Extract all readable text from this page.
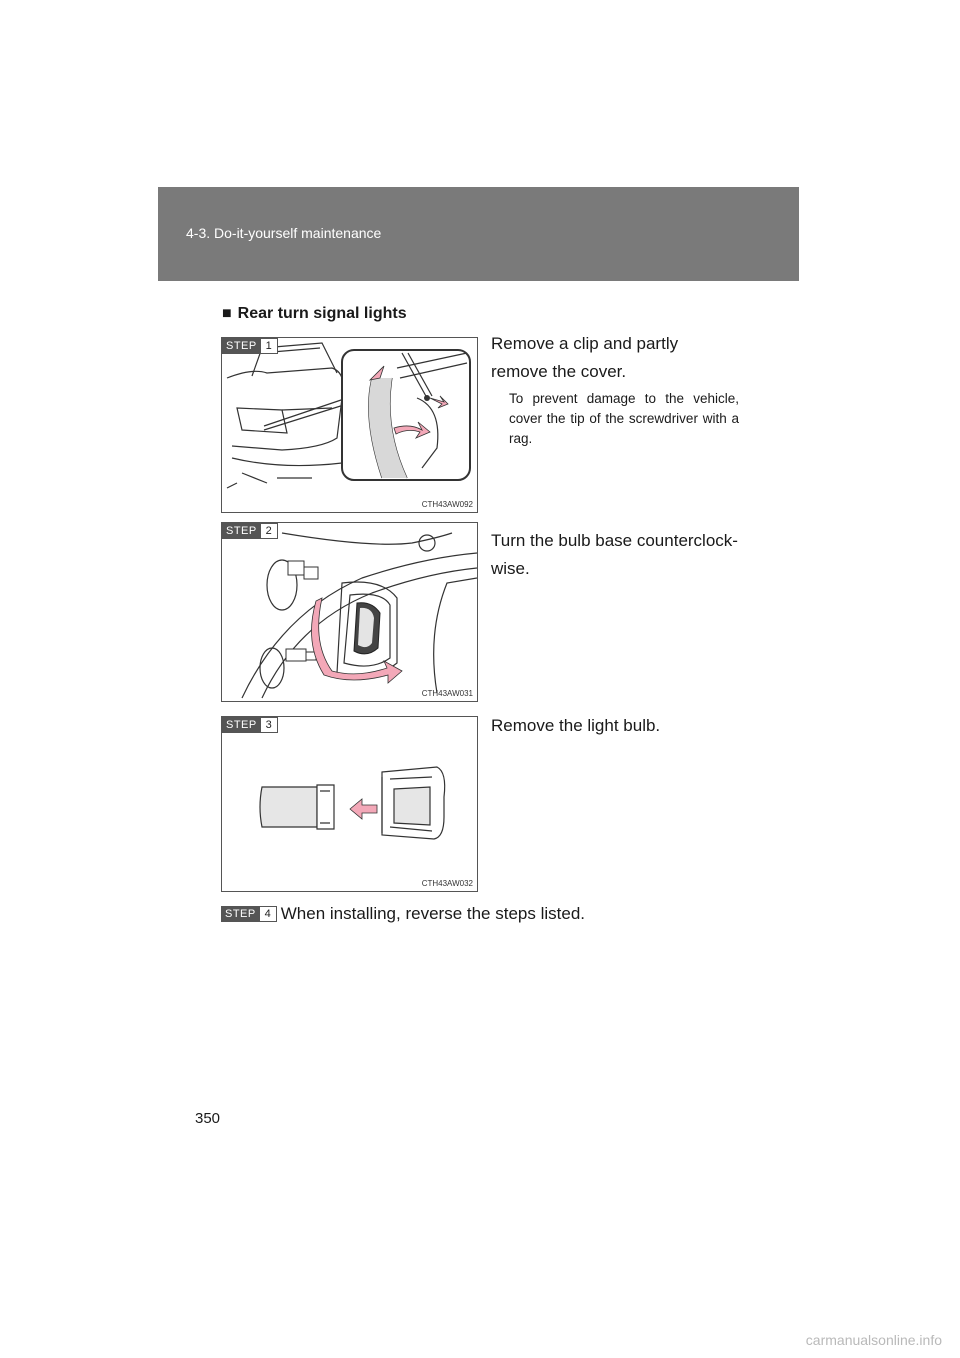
4-3. Do-it-yourself maintenance
■ Rear turn signal lights
STEP 1
CTH43AW092
Remove a clip and partly remove the cover.
To prevent damage to the vehicle, cover the tip of the screwdriver with a rag.
STEP 2
CTH43AW031
Turn the bulb base counterclock-wise.
STEP 3
CTH43AW032
Remove the light bulb.
STEP 4 When installing, reverse the steps listed.
350
carmanualsonline.info
